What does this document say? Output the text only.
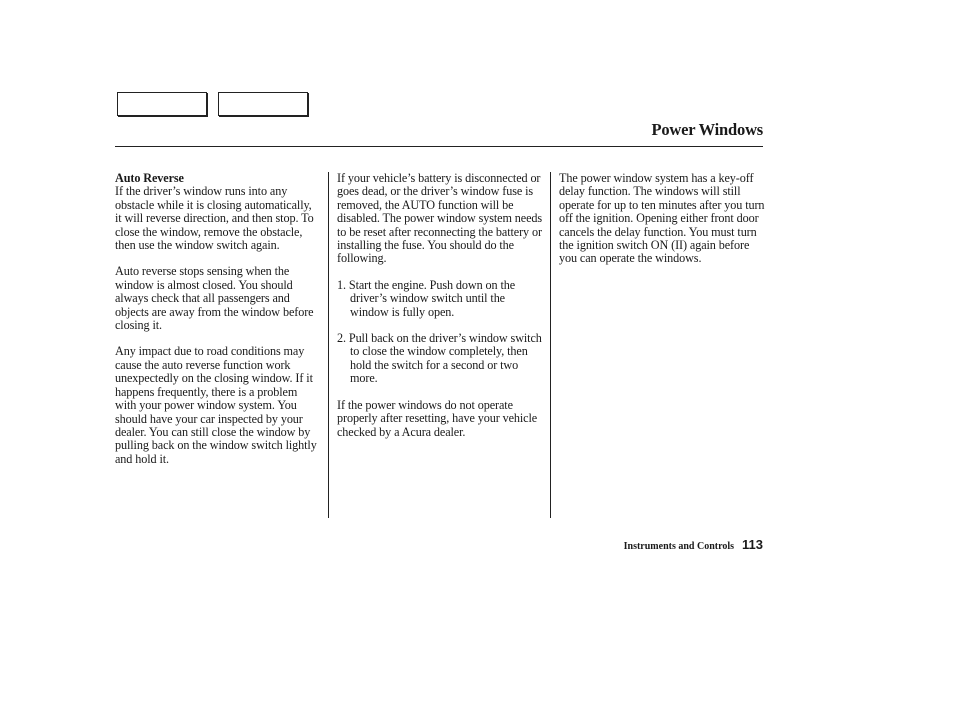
Power Windows

Auto Reverse
If the driver’s window runs into any obstacle while it is closing automatically, it will reverse direction, and then stop. To close the window, remove the obstacle, then use the window switch again.

Auto reverse stops sensing when the window is almost closed. You should always check that all passengers and objects are away from the window before closing it.

Any impact due to road conditions may cause the auto reverse function work unexpectedly on the closing window. If it happens frequently, there is a problem with your power window system. You should have your car inspected by your dealer. You can still close the window by pulling back on the window switch lightly and hold it.

If your vehicle’s battery is disconnected or goes dead, or the driver’s window fuse is removed, the AUTO function will be disabled. The power window system needs to be reset after reconnecting the battery or installing the fuse. You should do the following.

1. Start the engine. Push down on the driver’s window switch until the window is fully open.

2. Pull back on the driver’s window switch to close the window completely, then hold the switch for a second or two more.

If the power windows do not operate properly after resetting, have your vehicle checked by a Acura dealer.

The power window system has a key-off delay function. The windows will still operate for up to ten minutes after you turn off the ignition. Opening either front door cancels the delay function. You must turn the ignition switch ON (II) again before you can operate the windows.

Instruments and Controls 113
